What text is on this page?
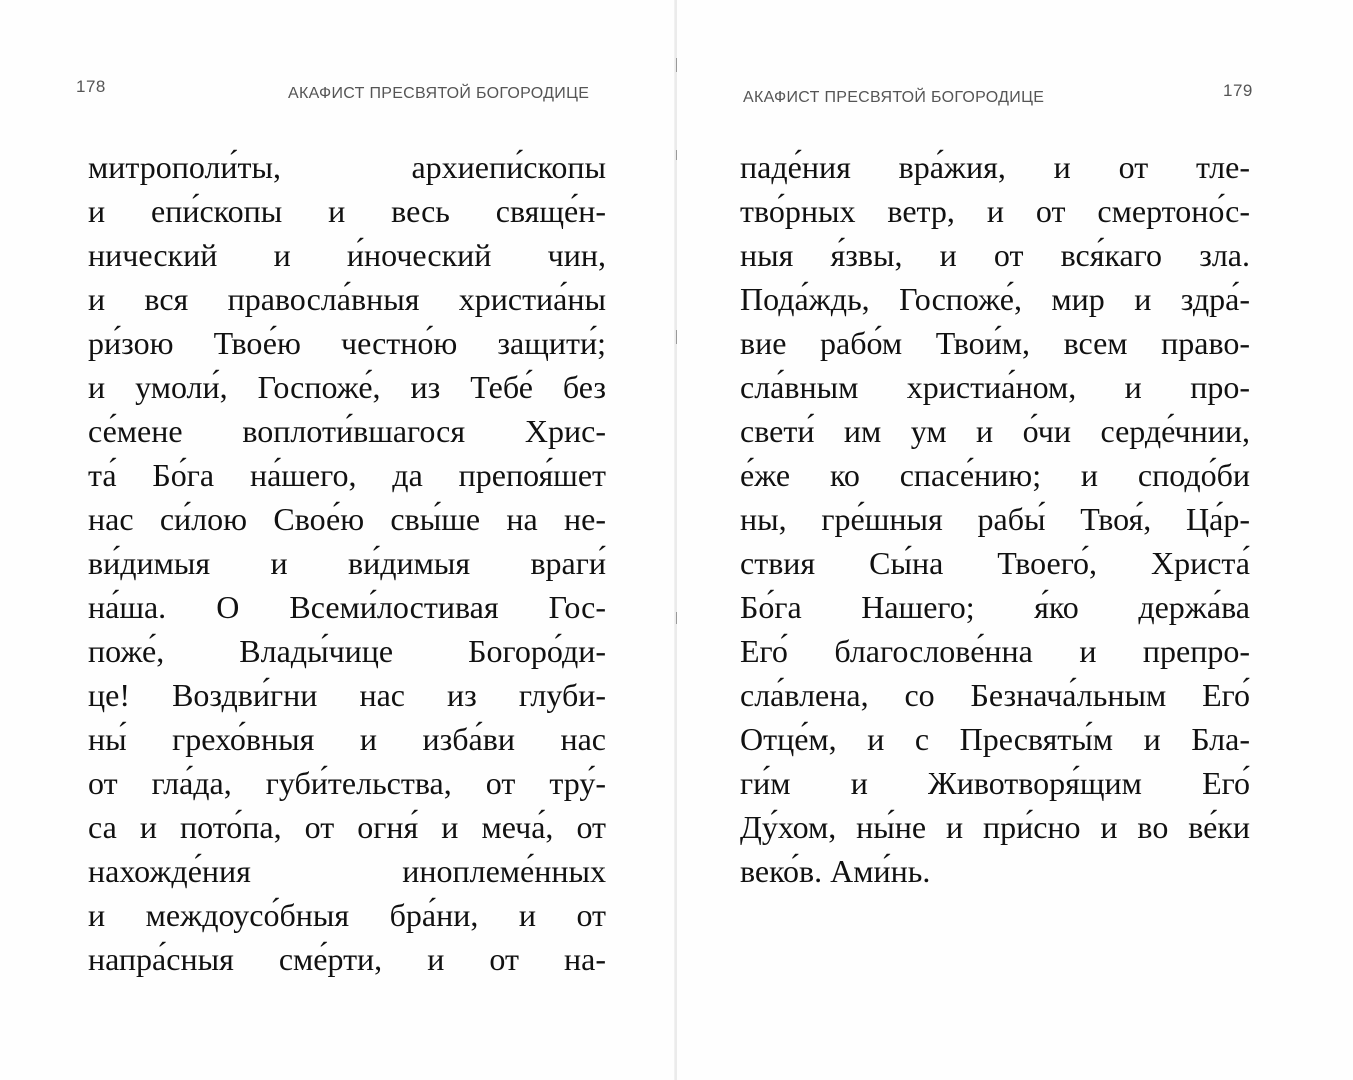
178	АКАФИСТ ПРЕСВЯТОЙ БОГОРОДИЦЕ
митрополи́ты, архиепи́скопы
и епи́скопы и весь свяще́н-
нический и и́ноческий чин,
и вся правосла́вныя христиа́ны
ри́зою Твое́ю честно́ю защити́;
и умоли́, Госпоже́, из Тебе́ без
се́мене воплоти́вшагося Хрис-
та́ Бо́га на́шего, да препоя́шет
нас си́лою Свое́ю свы́ше на не-
ви́димыя и ви́димыя враги́
на́ша. О Всеми́лостивая Гос-
поже́, Влады́чице Богоро́ди-
це! Воздви́гни нас из глуби-
ны́ грехо́вныя и изба́ви нас
от гла́да, губи́тельства, от тру́-
са и пото́па, от огня́ и меча́, от
нахожде́ния иноплеме́нных
и междоусо́бныя бра́ни, и от
напра́сныя сме́рти, и от на-
АКАФИСТ ПРЕСВЯТОЙ БОГОРОДИЦЕ	179
паде́ния вра́жия, и от тле-
тво́рных ветр, и от смертоно́с-
ныя я́звы, и от вся́каго зла.
Пода́ждь, Госпоже́, мир и здра́-
вие рабо́м Твои́м, всем право-
сла́вным христиа́ном, и про-
свети́ им ум и о́чи серде́чнии,
е́же ко спасе́нию; и сподо́би
ны, гре́шныя рабы́ Твоя́, Ца́р-
ствия Сы́на Твоего́, Христа́
Бо́га Нашего; я́ко держа́ва
Его́ благослове́нна и препро-
сла́влена, со Безнача́льным Его́
Отце́м, и с Пресвяты́м и Бла-
ги́м и Животворя́щим Его́
Ду́хом, ны́не и при́сно и во ве́ки
веко́в. Ами́нь.
